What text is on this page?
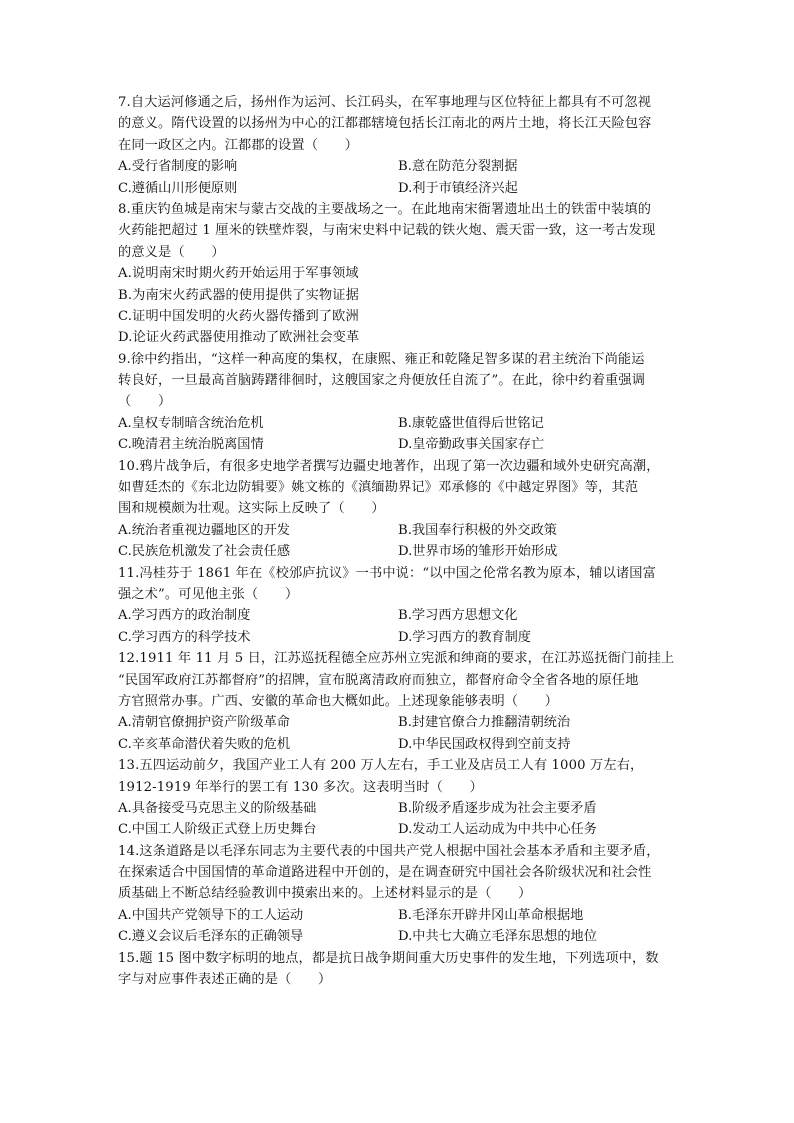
7.自大运河修通之后，扬州作为运河、长江码头，在军事地理与区位特征上都具有不可忽视
的意义。隋代设置的以扬州为中心的江都郡辖境包括长江南北的两片土地，将长江天险包容
在同一政区之内。江都郡的设置（　　）
A.受行省制度的影响	B.意在防范分裂割据
C.遵循山川形便原则	D.利于市镇经济兴起
8.重庆钓鱼城是南宋与蒙古交战的主要战场之一。在此地南宋衙署遗址出土的铁雷中装填的
火药能把超过 1 厘米的铁壁炸裂，与南宋史料中记载的铁火炮、震天雷一致，这一考古发现
的意义是（　　）
A.说明南宋时期火药开始运用于军事领域
B.为南宋火药武器的使用提供了实物证据
C.证明中国发明的火药火器传播到了欧洲
D.论证火药武器使用推动了欧洲社会变革
9.徐中约指出，“这样一种高度的集权，在康熙、雍正和乾隆足智多谋的君主统治下尚能运
转良好，一旦最高首脑踌躇徘徊时，这艘国家之舟便放任自流了”。在此，徐中约着重强调
（　　）
A.皇权专制暗含统治危机	B.康乾盛世值得后世铭记
C.晚清君主统治脱离国情	D.皇帝勤政事关国家存亡
10.鸦片战争后，有很多史地学者撰写边疆史地著作，出现了第一次边疆和域外史研究高潮，
如曹廷杰的《东北边防辑要》姚文栋的《滇缅勘界记》邓承修的《中越定界图》等，其范
围和规模颇为壮观。这实际上反映了（　　）
A.统治者重视边疆地区的开发	B.我国奉行积极的外交政策
C.民族危机激发了社会责任感	D.世界市场的雏形开始形成
11.冯桂芬于 1861 年在《校邠庐抗议》一书中说：“以中国之伦常名教为原本，辅以诸国富
强之术”。可见他主张（　　）
A.学习西方的政治制度	B.学习西方思想文化
C.学习西方的科学技术	D.学习西方的教育制度
12.1911 年 11 月 5 日，江苏巡抚程德全应苏州立宪派和绅商的要求，在江苏巡抚衙门前挂上
“民国军政府江苏都督府”的招牌，宣布脱离清政府而独立，都督府命令全省各地的原任地
方官照常办事。广西、安徽的革命也大概如此。上述现象能够表明（　　）
A.清朝官僚拥护资产阶级革命	B.封建官僚合力推翻清朝统治
C.辛亥革命潜伏着失败的危机	D.中华民国政权得到空前支持
13.五四运动前夕，我国产业工人有 200 万人左右，手工业及店员工人有 1000 万左右，
1912-1919 年举行的罢工有 130 多次。这表明当时（　　）
A.具备接受马克思主义的阶级基础	B.阶级矛盾逐步成为社会主要矛盾
C.中国工人阶级正式登上历史舞台	D.发动工人运动成为中共中心任务
14.这条道路是以毛泽东同志为主要代表的中国共产党人根据中国社会基本矛盾和主要矛盾，
在探索适合中国国情的革命道路进程中开创的，是在调查研究中国社会各阶级状况和社会性
质基础上不断总结经验教训中摸索出来的。上述材料显示的是（　　）
A.中国共产党领导下的工人运动	B.毛泽东开辟井冈山革命根据地
C.遵义会议后毛泽东的正确领导	D.中共七大确立毛泽东思想的地位
15.题 15 图中数字标明的地点，都是抗日战争期间重大历史事件的发生地，下列选项中，数
字与对应事件表述正确的是（　　）
